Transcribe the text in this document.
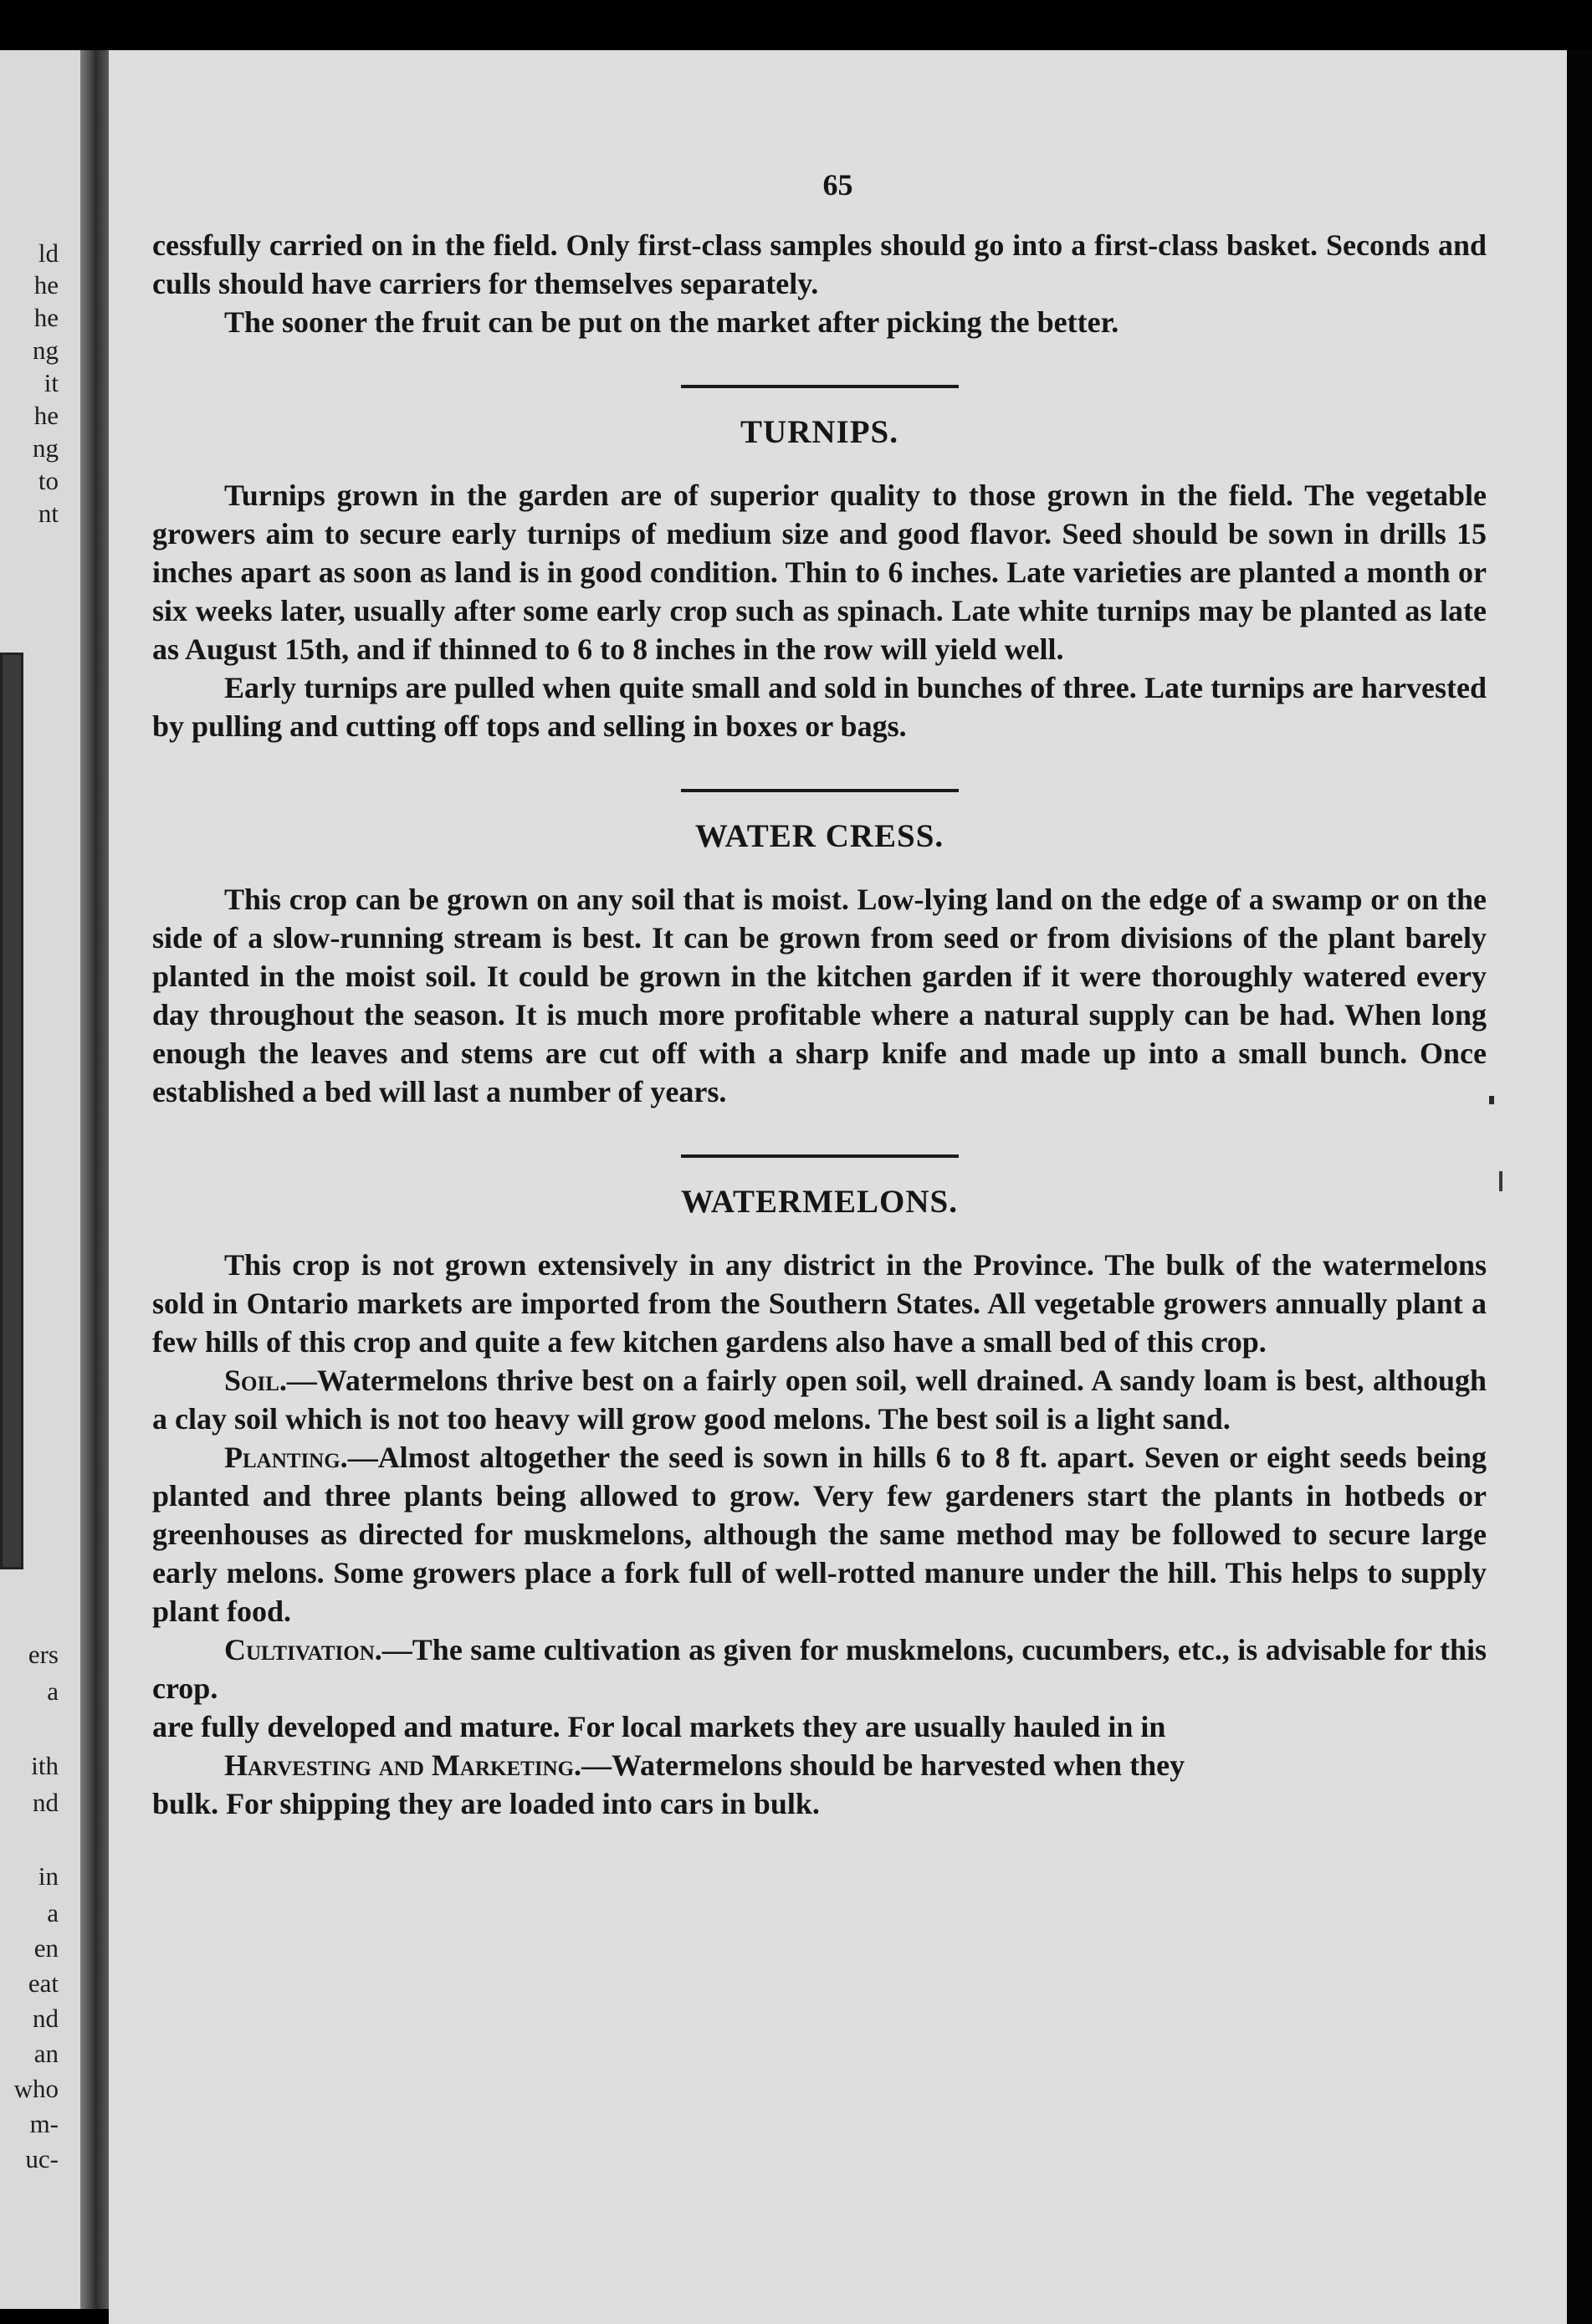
ld
he
he
ng
it
he
ng
to
nt
ers
a
ith
nd
in
a
en
eat
nd
an
who
m-
uc-
65

cessfully carried on in the field. Only first-class samples should go into a first-class basket. Seconds and culls should have carriers for themselves separately.

The sooner the fruit can be put on the market after picking the better.

TURNIPS.

Turnips grown in the garden are of superior quality to those grown in the field. The vegetable growers aim to secure early turnips of medium size and good flavor. Seed should be sown in drills 15 inches apart as soon as land is in good condition. Thin to 6 inches. Late varieties are planted a month or six weeks later, usually after some early crop such as spinach. Late white turnips may be planted as late as August 15th, and if thinned to 6 to 8 inches in the row will yield well.

Early turnips are pulled when quite small and sold in bunches of three. Late turnips are harvested by pulling and cutting off tops and selling in boxes or bags.

WATER CRESS.

This crop can be grown on any soil that is moist. Low-lying land on the edge of a swamp or on the side of a slow-running stream is best. It can be grown from seed or from divisions of the plant barely planted in the moist soil. It could be grown in the kitchen garden if it were thoroughly watered every day throughout the season. It is much more profitable where a natural supply can be had. When long enough the leaves and stems are cut off with a sharp knife and made up into a small bunch. Once established a bed will last a number of years.

WATERMELONS.

This crop is not grown extensively in any district in the Province. The bulk of the watermelons sold in Ontario markets are imported from the Southern States. All vegetable growers annually plant a few hills of this crop and quite a few kitchen gardens also have a small bed of this crop.

Soil.—Watermelons thrive best on a fairly open soil, well drained. A sandy loam is best, although a clay soil which is not too heavy will grow good melons. The best soil is a light sand.

Planting.—Almost altogether the seed is sown in hills 6 to 8 ft. apart. Seven or eight seeds being planted and three plants being allowed to grow. Very few gardeners start the plants in hotbeds or greenhouses as directed for muskmelons, although the same method may be followed to secure large early melons. Some growers place a fork full of well-rotted manure under the hill. This helps to supply plant food.

Cultivation.—The same cultivation as given for muskmelons, cucumbers, etc., is advisable for this crop.

are fully developed and mature. For local markets they are usually hauled in in

Harvesting and Marketing.—Watermelons should be harvested when they

bulk. For shipping they are loaded into cars in bulk.
